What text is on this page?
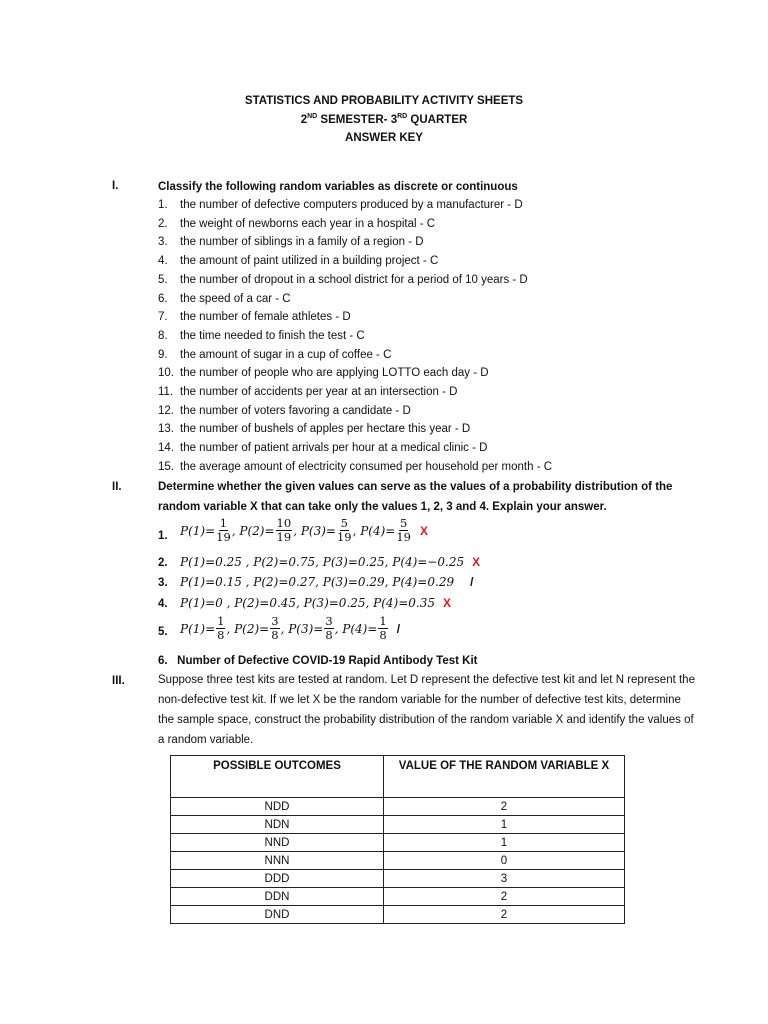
STATISTICS AND PROBABILITY ACTIVITY SHEETS
2ND SEMESTER- 3RD QUARTER
ANSWER KEY
I.	Classify the following random variables as discrete or continuous
1. the number of defective computers produced by a manufacturer - D
2. the weight of newborns each year in a hospital - C
3. the number of siblings in a family of a region - D
4. the amount of paint utilized in a building project - C
5. the number of dropout in a school district for a period of 10 years - D
6. the speed of a car - C
7. the number of female athletes - D
8. the time needed to finish the test - C
9. the amount of sugar in a cup of coffee - C
10. the number of people who are applying LOTTO each day - D
11. the number of accidents per year at an intersection - D
12. the number of voters favoring a candidate - D
13. the number of bushels of apples per hectare this year - D
14. the number of patient arrivals per hour at a medical clinic - D
15. the average amount of electricity consumed per household per month - C
II.	Determine whether the given values can serve as the values of a probability distribution of the random variable X that can take only the values 1, 2, 3 and 4. Explain your answer.
1. $P(1)= \frac{1}{19}$ , $P(2)= \frac{10}{19}$ , $P(3)= \frac{5}{19}$ , $P(4)= \frac{5}{19}$ X
2. P(1)=0.25 , P(2)=0.75, P(3)=0.25, P(4)=−0.25 X
3. P(1)=0.15 , P(2)=0.27, P(3)=0.29, P(4)=0.29 /
4. P(1)=0 , P(2)=0.45, P(3)=0.25, P(4)=0.35 X
5. $P(1)= \frac{1}{8}$ , $P(2)= \frac{3}{8}$ , $P(3)= \frac{3}{8}$ , $P(4)= \frac{1}{8}$ /
6.   Number of Defective COVID-19 Rapid Antibody Test Kit
III.	Suppose three test kits are tested at random. Let D represent the defective test kit and let N represent the non-defective test kit. If we let X be the random variable for the number of defective test kits, determine the sample space, construct the probability distribution of the random variable X and identify the values of a random variable.
POSSIBLE OUTCOMES	VALUE OF THE RANDOM VARIABLE X
NDD	2
NDN	1
NND	1
NNN	0
DDD	3
DDN	2
DND	2
